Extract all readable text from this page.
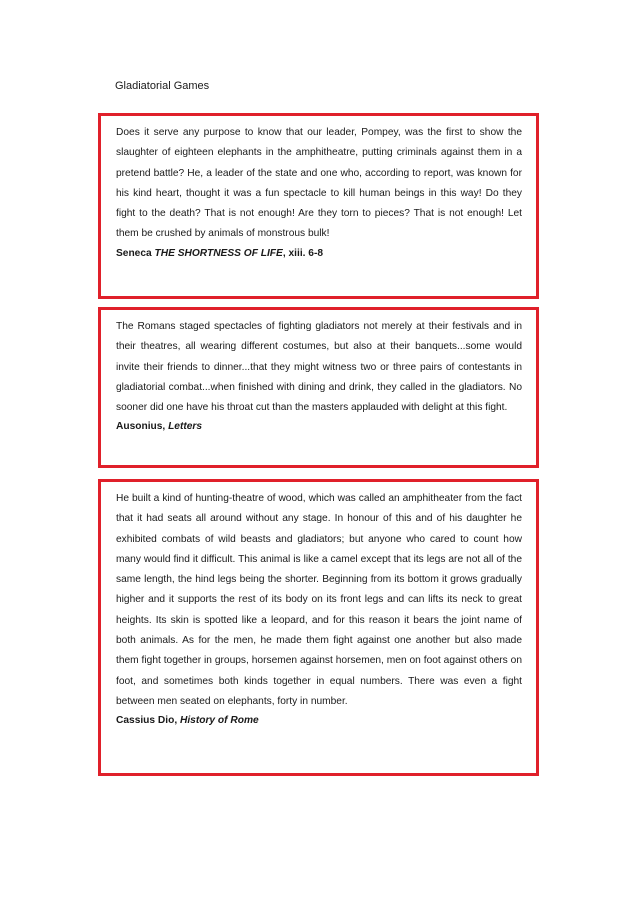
Gladiatorial Games

Does it serve any purpose to know that our leader, Pompey, was the first to show the slaughter of eighteen elephants in the amphitheatre, putting criminals against them in a pretend battle? He, a leader of the state and one who, according to report, was known for his kind heart, thought it was a fun spectacle to kill human beings in this way! Do they fight to the death? That is not enough! Are they torn to pieces? That is not enough! Let them be crushed by animals of monstrous bulk!

Seneca THE SHORTNESS OF LIFE, xiii. 6-8

The Romans staged spectacles of fighting gladiators not merely at their festivals and in their theatres, all wearing different costumes, but also at their banquets...some would invite their friends to dinner...that they might witness two or three pairs of contestants in gladiatorial combat...when finished with dining and drink, they called in the gladiators. No sooner did one have his throat cut than the masters applauded with delight at this fight.

Ausonius, Letters

He built a kind of hunting-theatre of wood, which was called an amphitheater from the fact that it had seats all around without any stage. In honour of this and of his daughter he exhibited combats of wild beasts and gladiators; but anyone who cared to count how many would find it difficult. This animal is like a camel except that its legs are not all of the same length, the hind legs being the shorter. Beginning from its bottom it grows gradually higher and it supports the rest of its body on its front legs and can lifts its neck to great heights. Its skin is spotted like a leopard, and for this reason it bears the joint name of both animals. As for the men, he made them fight against one another but also made them fight together in groups, horsemen against horsemen, men on foot against others on foot, and sometimes both kinds together in equal numbers. There was even a fight between men seated on elephants, forty in number.

Cassius Dio, History of Rome
